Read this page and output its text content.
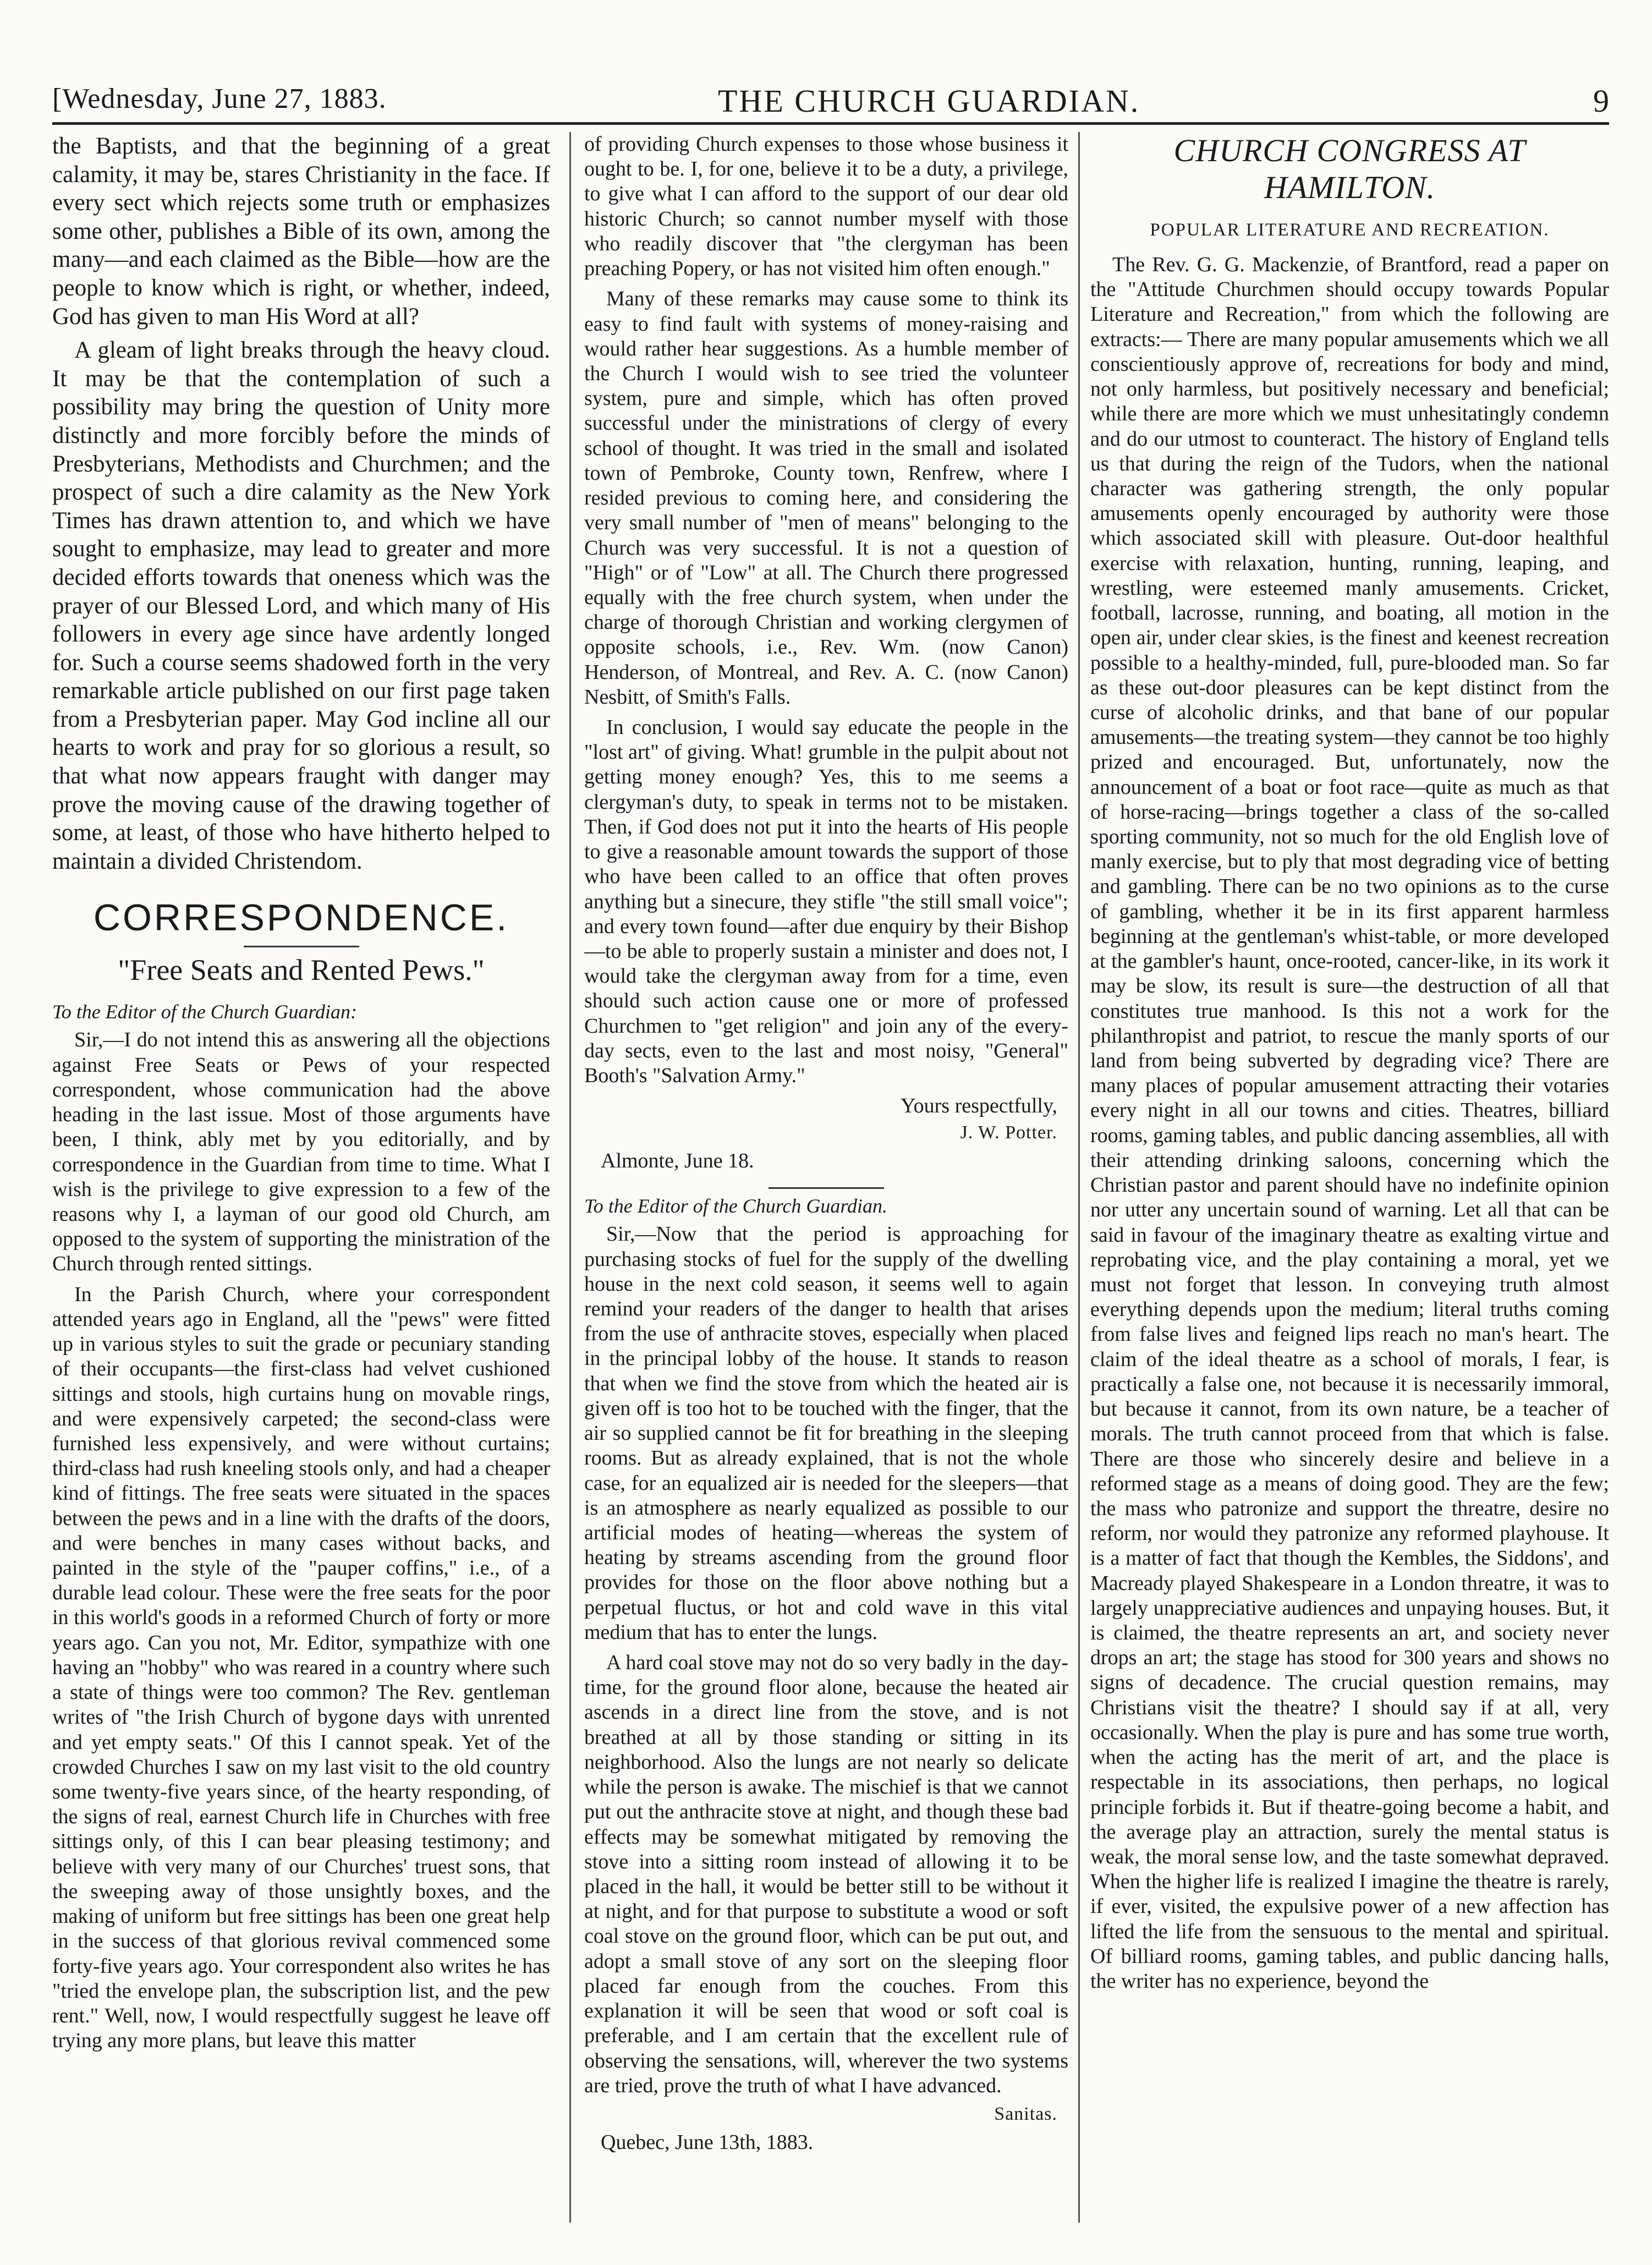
[Wednesday, June 27, 1883.	THE CHURCH GUARDIAN.	9

the Baptists, and that the beginning of a great calamity, it may be, stares Christianity in the face. If every sect which rejects some truth or emphasizes some other, publishes a Bible of its own, among the many—and each claimed as the Bible—how are the people to know which is right, or whether, indeed, God has given to man His Word at all?

A gleam of light breaks through the heavy cloud. It may be that the contemplation of such a possibility may bring the question of Unity more distinctly and more forcibly before the minds of Presbyterians, Methodists and Churchmen; and the prospect of such a dire calamity as the New York Times has drawn attention to, and which we have sought to emphasize, may lead to greater and more decided efforts towards that oneness which was the prayer of our Blessed Lord, and which many of His followers in every age since have ardently longed for. Such a course seems shadowed forth in the very remarkable article published on our first page taken from a Presbyterian paper. May God incline all our hearts to work and pray for so glorious a result, so that what now appears fraught with danger may prove the moving cause of the drawing together of some, at least, of those who have hitherto helped to maintain a divided Christendom.

CORRESPONDENCE.
"Free Seats and Rented Pews."
To the Editor of the Church Guardian:

Sir,—I do not intend this as answering all the objections against Free Seats or Pews of your respected correspondent, whose communication had the above heading in the last issue. Most of those arguments have been, I think, ably met by you editorially, and by correspondence in the Guardian from time to time. What I wish is the privilege to give expression to a few of the reasons why I, a layman of our good old Church, am opposed to the system of supporting the ministration of the Church through rented sittings.

In the Parish Church, where your correspondent attended years ago in England, all the "pews" were fitted up in various styles to suit the grade or pecuniary standing of their occupants—the first-class had velvet cushioned sittings and stools, high curtains hung on movable rings, and were expensively carpeted; the second-class were furnished less expensively, and were without curtains; third-class had rush kneeling stools only, and had a cheaper kind of fittings. The free seats were situated in the spaces between the pews and in a line with the drafts of the doors, and were benches in many cases without backs, and painted in the style of the "pauper coffins," i.e., of a durable lead colour. These were the free seats for the poor in this world's goods in a reformed Church of forty or more years ago. Can you not, Mr. Editor, sympathize with one having an "hobby" who was reared in a country where such a state of things were too common? The Rev. gentleman writes of "the Irish Church of bygone days with unrented and yet empty seats." Of this I cannot speak. Yet of the crowded Churches I saw on my last visit to the old country some twenty-five years since, of the hearty responding, of the signs of real, earnest Church life in Churches with free sittings only, of this I can bear pleasing testimony; and believe with very many of our Churches' truest sons, that the sweeping away of those unsightly boxes, and the making of uniform but free sittings has been one great help in the success of that glorious revival commenced some forty-five years ago. Your correspondent also writes he has "tried the envelope plan, the subscription list, and the pew rent." Well, now, I would respectfully suggest he leave off trying any more plans, but leave this matter

of providing Church expenses to those whose business it ought to be. I, for one, believe it to be a duty, a privilege, to give what I can afford to the support of our dear old historic Church; so cannot number myself with those who readily discover that "the clergyman has been preaching Popery, or has not visited him often enough."

Many of these remarks may cause some to think its easy to find fault with systems of money-raising and would rather hear suggestions. As a humble member of the Church I would wish to see tried the volunteer system, pure and simple, which has often proved successful under the ministrations of clergy of every school of thought. It was tried in the small and isolated town of Pembroke, County town, Renfrew, where I resided previous to coming here, and considering the very small number of "men of means" belonging to the Church was very successful. It is not a question of "High" or of "Low" at all. The Church there progressed equally with the free church system, when under the charge of thorough Christian and working clergymen of opposite schools, i.e., Rev. Wm. (now Canon) Henderson, of Montreal, and Rev. A. C. (now Canon) Nesbitt, of Smith's Falls.

In conclusion, I would say educate the people in the "lost art" of giving. What! grumble in the pulpit about not getting money enough? Yes, this to me seems a clergyman's duty, to speak in terms not to be mistaken. Then, if God does not put it into the hearts of His people to give a reasonable amount towards the support of those who have been called to an office that often proves anything but a sinecure, they stifle "the still small voice"; and every town found—after due enquiry by their Bishop—to be able to properly sustain a minister and does not, I would take the clergyman away from for a time, even should such action cause one or more of professed Churchmen to "get religion" and join any of the every-day sects, even to the last and most noisy, "General" Booth's "Salvation Army."

Yours respectfully,
J. W. Potter.
Almonte, June 18.
To the Editor of the Church Guardian.

Sir,—Now that the period is approaching for purchasing stocks of fuel for the supply of the dwelling house in the next cold season, it seems well to again remind your readers of the danger to health that arises from the use of anthracite stoves, especially when placed in the principal lobby of the house. It stands to reason that when we find the stove from which the heated air is given off is too hot to be touched with the finger, that the air so supplied cannot be fit for breathing in the sleeping rooms. But as already explained, that is not the whole case, for an equalized air is needed for the sleepers—that is an atmosphere as nearly equalized as possible to our artificial modes of heating—whereas the system of heating by streams ascending from the ground floor provides for those on the floor above nothing but a perpetual fluctus, or hot and cold wave in this vital medium that has to enter the lungs.

A hard coal stove may not do so very badly in the day-time, for the ground floor alone, because the heated air ascends in a direct line from the stove, and is not breathed at all by those standing or sitting in its neighborhood. Also the lungs are not nearly so delicate while the person is awake. The mischief is that we cannot put out the anthracite stove at night, and though these bad effects may be somewhat mitigated by removing the stove into a sitting room instead of allowing it to be placed in the hall, it would be better still to be without it at night, and for that purpose to substitute a wood or soft coal stove on the ground floor, which can be put out, and adopt a small stove of any sort on the sleeping floor placed far enough from the couches. From this explanation it will be seen that wood or soft coal is preferable, and I am certain that the excellent rule of observing the sensations, will, wherever the two systems are tried, prove the truth of what I have advanced.

Sanitas.
Quebec, June 13th, 1883.
CHURCH CONGRESS AT HAMILTON.
POPULAR LITERATURE AND RECREATION.

The Rev. G. G. Mackenzie, of Brantford, read a paper on the "Attitude Churchmen should occupy towards Popular Literature and Recreation," from which the following are extracts:— There are many popular amusements which we all conscientiously approve of, recreations for body and mind, not only harmless, but positively necessary and beneficial; while there are more which we must unhesitatingly condemn and do our utmost to counteract. The history of England tells us that during the reign of the Tudors, when the national character was gathering strength, the only popular amusements openly encouraged by authority were those which associated skill with pleasure. Out-door healthful exercise with relaxation, hunting, running, leaping, and wrestling, were esteemed manly amusements. Cricket, football, lacrosse, running, and boating, all motion in the open air, under clear skies, is the finest and keenest recreation possible to a healthy-minded, full, pure-blooded man. So far as these out-door pleasures can be kept distinct from the curse of alcoholic drinks, and that bane of our popular amusements—the treating system—they cannot be too highly prized and encouraged. But, unfortunately, now the announcement of a boat or foot race—quite as much as that of horse-racing—brings together a class of the so-called sporting community, not so much for the old English love of manly exercise, but to ply that most degrading vice of betting and gambling. There can be no two opinions as to the curse of gambling, whether it be in its first apparent harmless beginning at the gentleman's whist-table, or more developed at the gambler's haunt, once-rooted, cancer-like, in its work it may be slow, its result is sure—the destruction of all that constitutes true manhood. Is this not a work for the philanthropist and patriot, to rescue the manly sports of our land from being subverted by degrading vice? There are many places of popular amusement attracting their votaries every night in all our towns and cities. Theatres, billiard rooms, gaming tables, and public dancing assemblies, all with their attending drinking saloons, concerning which the Christian pastor and parent should have no indefinite opinion nor utter any uncertain sound of warning. Let all that can be said in favour of the imaginary theatre as exalting virtue and reprobating vice, and the play containing a moral, yet we must not forget that lesson. In conveying truth almost everything depends upon the medium; literal truths coming from false lives and feigned lips reach no man's heart. The claim of the ideal theatre as a school of morals, I fear, is practically a false one, not because it is necessarily immoral, but because it cannot, from its own nature, be a teacher of morals. The truth cannot proceed from that which is false. There are those who sincerely desire and believe in a reformed stage as a means of doing good. They are the few; the mass who patronize and support the threatre, desire no reform, nor would they patronize any reformed playhouse. It is a matter of fact that though the Kembles, the Siddons', and Macready played Shakespeare in a London threatre, it was to largely unappreciative audiences and unpaying houses. But, it is claimed, the theatre represents an art, and society never drops an art; the stage has stood for 300 years and shows no signs of decadence. The crucial question remains, may Christians visit the theatre? I should say if at all, very occasionally. When the play is pure and has some true worth, when the acting has the merit of art, and the place is respectable in its associations, then perhaps, no logical principle forbids it. But if theatre-going become a habit, and the average play an attraction, surely the mental status is weak, the moral sense low, and the taste somewhat depraved. When the higher life is realized I imagine the theatre is rarely, if ever, visited, the expulsive power of a new affection has lifted the life from the sensuous to the mental and spiritual. Of billiard rooms, gaming tables, and public dancing halls, the writer has no experience, beyond the
